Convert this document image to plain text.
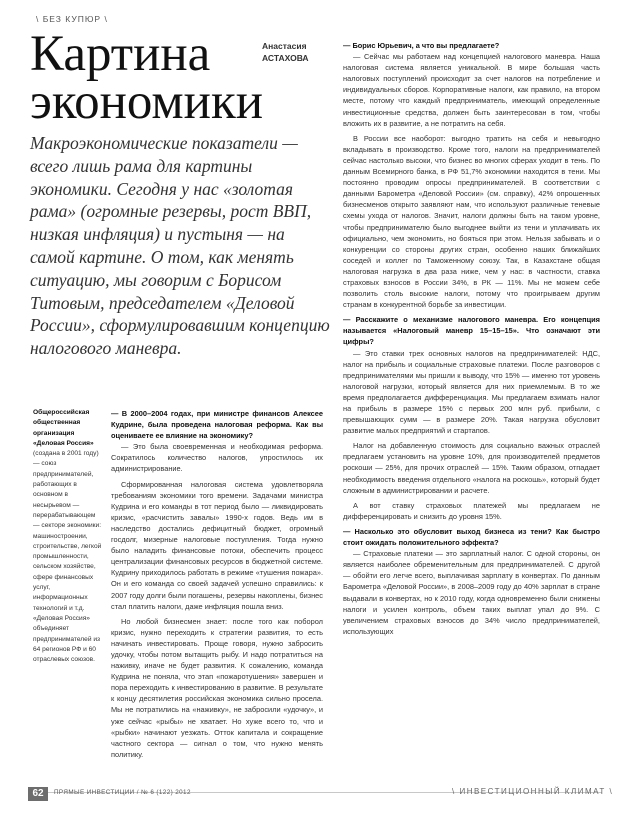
\ БЕЗ КУПЮР \
Картина
экономики
Анастасия
АСТАХОВА
Макроэкономические показатели — всего лишь рама для картины экономики. Сегодня у нас «золотая рама» (огромные резервы, рост ВВП, низкая инфляция) и пустыня — на самой картине. О том, как менять ситуацию, мы говорим с Борисом Титовым, председателем «Деловой России», сформулировавшим концепцию налогового маневра.
Общероссийская общественная организация «Деловая Россия» (создана в 2001 году) — союз предпринимателей, работающих в основном в несырьевом — перерабатывающем — секторе экономики: машиностроении, строительстве, легкой промышленности, сельском хозяйстве, сфере финансовых услуг, информационных технологий и т.д. «Деловая Россия» объединяет предпринимателей из 64 регионов РФ и 60 отраслевых союзов.

— В 2000–2004 годах, при министре финансов Алексее Кудрине, была проведена налоговая реформа. Как вы оцениваете ее влияние на экономику?

— Это была своевременная и необходимая реформа. Сократилось количество налогов, упростилось их администрирование.

Сформированная налоговая система удовлетворяла требованиям экономики того времени. Задачами министра Кудрина и его команды в тот период было — ликвидировать кризис, «расчистить завалы» 1990-х годов. Ведь им в наследство достались дефицитный бюджет, огромный госдолг, мизерные налоговые поступления. Тогда нужно было наладить финансовые потоки, обеспечить процесс централизации финансовых ресурсов в бюджетной системе. Кудрину приходилось работать в режиме «тушения пожара». Он и его команда со своей задачей успешно справились: к 2007 году долги были погашены, резервы накоплены, бизнес стал платить налоги, даже инфляция пошла вниз.

Но любой бизнесмен знает: после того как поборол кризис, нужно переходить к стратегии развития, то есть начинать инвестировать. Проще говоря, нужно забросить удочку, чтобы потом вытащить рыбу. И надо потратиться на наживку, иначе не будет развития. К сожалению, команда Кудрина не поняла, что этап «пожаротушения» завершен и пора переходить к инвестированию в развитие. В результате к концу десятилетия российская экономика сильно просела. Мы не потратились на «наживку», не забросили «удочку», и уже сейчас «рыбы» не хватает. Но хуже всего то, что и «рыбки» начинают уезжать. Отток капитала и сокращение частного сектора — сигнал о том, что нужно менять политику.

— Борис Юрьевич, а что вы предлагаете?

— Сейчас мы работаем над концепцией налогового маневра. Наша налоговая система является уникальной. В мире большая часть налоговых поступлений происходит за счет налогов на потребление и индивидуальных сборов. Корпоративные налоги, как правило, на втором месте, потому что каждый предприниматель, имеющий определенные инвестиционные средства, должен быть заинтересован в том, чтобы вложить их в развитие, а не потратить на себя.

В России все наоборот: выгодно тратить на себя и невыгодно вкладывать в производство. Кроме того, налоги на предпринимателей сейчас настолько высоки, что бизнес во многих сферах уходит в тень. По данным Всемирного банка, в РФ 51,7% экономики находится в тени. Мы постоянно проводим опросы предпринимателей. В соответствии с данными Барометра «Деловой России» (см. справку), 42% опрошенных бизнесменов открыто заявляют нам, что используют различные теневые схемы ухода от налогов. Значит, налоги должны быть на таком уровне, чтобы предпринимателю было выгоднее выйти из тени и уплачивать их официально, чем экономить, но бояться при этом. Нельзя забывать и о конкуренции со стороны других стран, особенно наших ближайших соседей и коллег по Таможенному союзу. Так, в Казахстане общая налоговая нагрузка в два раза ниже, чем у нас: в частности, ставка страховых взносов в России 34%, в РК — 11%. Мы не можем себе позволить столь высокие налоги, потому что проигрываем другим странам в конкурентной борьбе за инвестиции.

— Расскажите о механизме налогового маневра. Его концепция называется «Налоговый маневр 15–15–15». Что означают эти цифры?

— Это ставки трех основных налогов на предпринимателей: НДС, налог на прибыль и социальные страховые платежи. После разговоров с предпринимателями мы пришли к выводу, что 15% — именно тот уровень налоговой нагрузки, который является для них приемлемым. В то же время предполагается дифференциация. Мы предлагаем взимать налог на прибыль в размере 15% с первых 200 млн руб. прибыли, с превышающих сумм — в размере 20%. Такая нагрузка обусловит развитие малых предприятий и стартапов.

Налог на добавленную стоимость для социально важных отраслей предлагаем установить на уровне 10%, для производителей предметов роскоши — 25%, для прочих отраслей — 15%. Таким образом, отпадает необходимость введения отдельного «налога на роскошь», который будет сложным в администрировании и расчете.

А вот ставку страховых платежей мы предлагаем не дифференцировать и снизить до уровня 15%.

— Насколько это обусловит выход бизнеса из тени? Как быстро стоит ожидать положительного эффекта?

— Страховые платежи — это зарплатный налог. С одной стороны, он является наиболее обременительным для предпринимателей. С другой — обойти его легче всего, выплачивая зарплату в конвертах. По данным Барометра «Деловой России», в 2008–2009 году до 40% зарплат в стране выдавали в конвертах, но к 2010 году, когда одновременно были снижены налоги и усилен контроль, объем таких выплат упал до 9%. С увеличением страховых взносов до 34% число предпринимателей, использующих

62	ПРЯМЫЕ ИНВЕСТИЦИИ / № 6 (122) 2012	\ ИНВЕСТИЦИОННЫЙ КЛИМАТ \
